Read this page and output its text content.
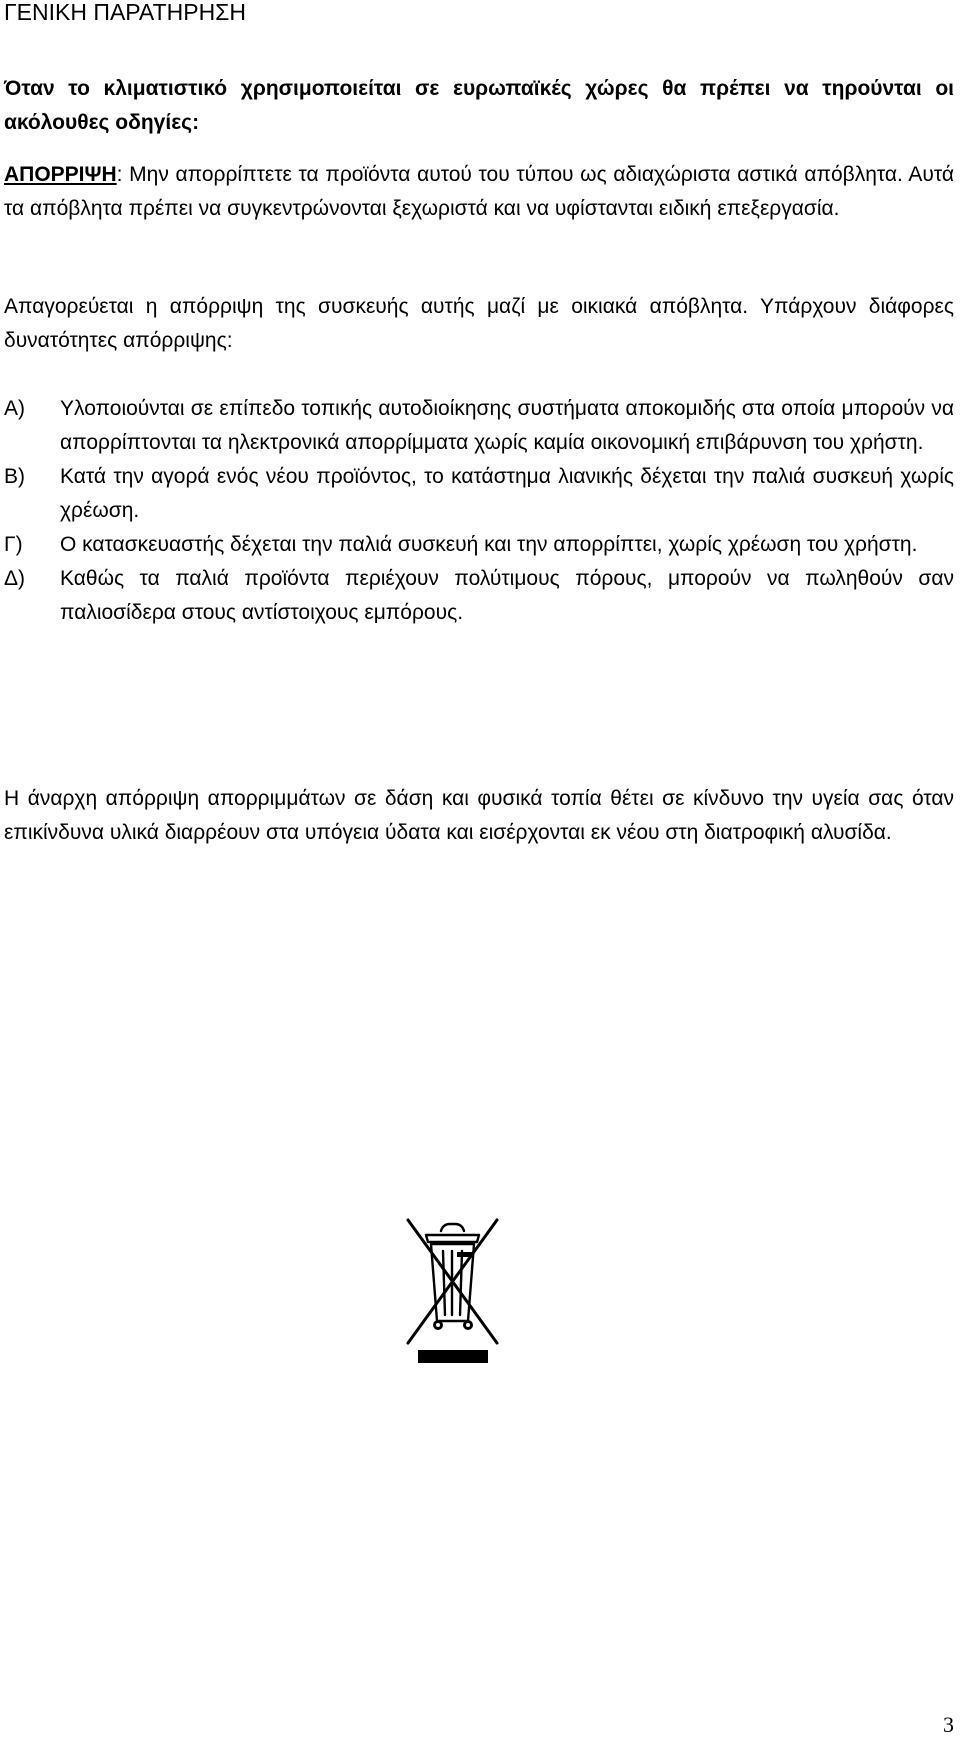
ΓΕΝΙΚΗ ΠΑΡΑΤΗΡΗΣΗ
Όταν το κλιματιστικό χρησιμοποιείται σε ευρωπαϊκές χώρες θα πρέπει να τηρούνται οι ακόλουθες οδηγίες:
ΑΠΟΡΡΙΨΗ: Μην απορρίπτετε τα προϊόντα αυτού του τύπου ως αδιαχώριστα αστικά απόβλητα. Αυτά τα απόβλητα πρέπει να συγκεντρώνονται ξεχωριστά και να υφίστανται ειδική επεξεργασία.
Απαγορεύεται η απόρριψη της συσκευής αυτής μαζί με οικιακά απόβλητα. Υπάρχουν διάφορες δυνατότητες απόρριψης:
Α)	Υλοποιούνται σε επίπεδο τοπικής αυτοδιοίκησης συστήματα αποκομιδής στα οποία μπορούν να απορρίπτονται τα ηλεκτρονικά απορρίμματα χωρίς καμία οικονομική επιβάρυνση του χρήστη.
Β)	Κατά την αγορά ενός νέου προϊόντος, το κατάστημα λιανικής δέχεται την παλιά συσκευή χωρίς χρέωση.
Γ)	Ο κατασκευαστής δέχεται την παλιά συσκευή και την απορρίπτει, χωρίς χρέωση του χρήστη.
Δ)	Καθώς τα παλιά προϊόντα περιέχουν πολύτιμους πόρους, μπορούν να πωληθούν σαν παλιοσίδερα στους αντίστοιχους εμπόρους.
Η άναρχη απόρριψη απορριμμάτων σε δάση και φυσικά τοπία θέτει σε κίνδυνο την υγεία σας όταν επικίνδυνα υλικά διαρρέουν στα υπόγεια ύδατα και εισέρχονται εκ νέου στη διατροφική αλυσίδα.
3
